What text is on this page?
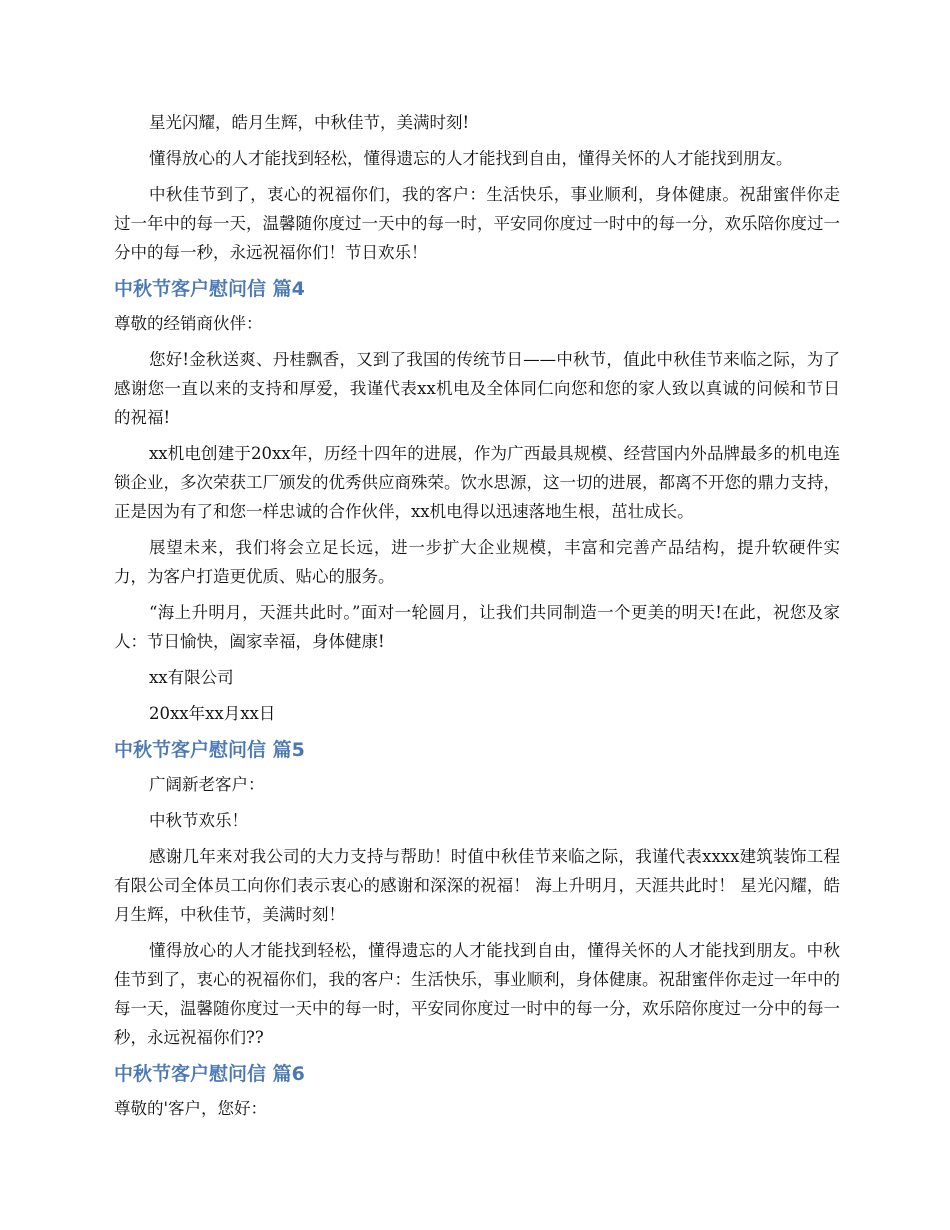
星光闪耀，皓月生辉，中秋佳节，美满时刻!

懂得放心的人才能找到轻松，懂得遗忘的人才能找到自由，懂得关怀的人才能找到朋友。

中秋佳节到了，衷心的祝福你们，我的客户：生活快乐，事业顺利，身体健康。祝甜蜜伴你走过一年中的每一天，温馨随你度过一天中的每一时，平安同你度过一时中的每一分，欢乐陪你度过一分中的每一秒，永远祝福你们！节日欢乐！

中秋节客户慰问信 篇4

尊敬的经销商伙伴：

您好!金秋送爽、丹桂飘香，又到了我国的传统节日——中秋节，值此中秋佳节来临之际，为了感谢您一直以来的支持和厚爱，我谨代表xx机电及全体同仁向您和您的家人致以真诚的问候和节日的祝福!

xx机电创建于20xx年，历经十四年的进展，作为广西最具规模、经营国内外品牌最多的机电连锁企业，多次荣获工厂颁发的优秀供应商殊荣。饮水思源，这一切的进展，都离不开您的鼎力支持，正是因为有了和您一样忠诚的合作伙伴，xx机电得以迅速落地生根，茁壮成长。

展望未来，我们将会立足长远，进一步扩大企业规模，丰富和完善产品结构，提升软硬件实力，为客户打造更优质、贴心的服务。

“海上升明月，天涯共此时。”面对一轮圆月，让我们共同制造一个更美的明天!在此，祝您及家人：节日愉快，阖家幸福，身体健康!

xx有限公司

20xx年xx月xx日

中秋节客户慰问信 篇5

广阔新老客户：

中秋节欢乐！

感谢几年来对我公司的大力支持与帮助！时值中秋佳节来临之际，我谨代表xxxx建筑装饰工程有限公司全体员工向你们表示衷心的感谢和深深的祝福！ 海上升明月，天涯共此时！ 星光闪耀，皓月生辉，中秋佳节，美满时刻！

懂得放心的人才能找到轻松，懂得遗忘的人才能找到自由，懂得关怀的人才能找到朋友。中秋佳节到了，衷心的祝福你们，我的客户：生活快乐，事业顺利，身体健康。祝甜蜜伴你走过一年中的每一天，温馨随你度过一天中的每一时，平安同你度过一时中的每一分，欢乐陪你度过一分中的每一秒，永远祝福你们??

中秋节客户慰问信 篇6

尊敬的'客户，您好：
